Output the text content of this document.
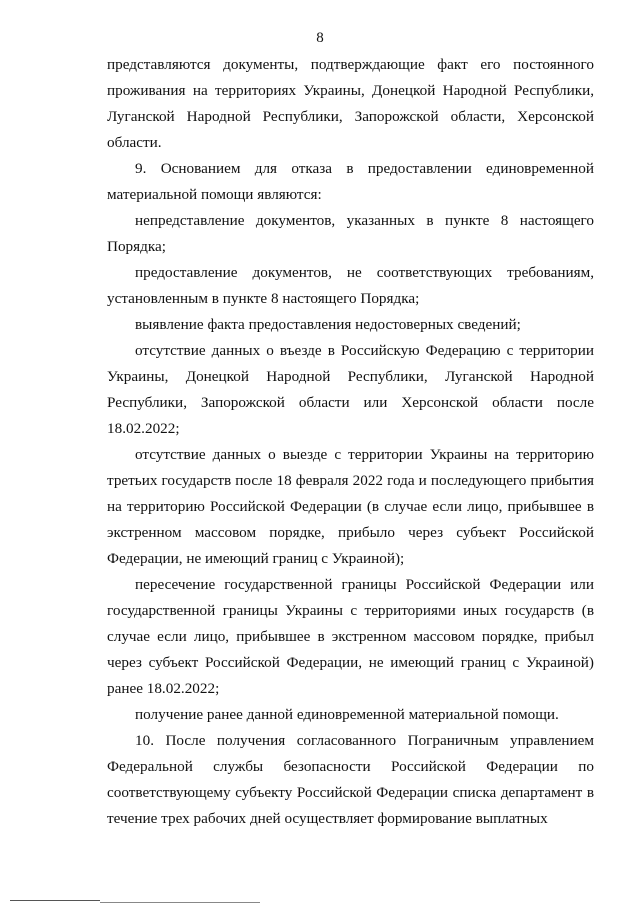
8

представляются документы, подтверждающие факт его постоянного проживания на территориях Украины, Донецкой Народной Республики, Луганской Народной Республики, Запорожской области, Херсонской области.

9. Основанием для отказа в предоставлении единовременной материальной помощи являются:

непредставление документов, указанных в пункте 8 настоящего Порядка;

предоставление документов, не соответствующих требованиям, установленным в пункте 8 настоящего Порядка;

выявление факта предоставления недостоверных сведений;

отсутствие данных о въезде в Российскую Федерацию с территории Украины, Донецкой Народной Республики, Луганской Народной Республики, Запорожской области или Херсонской области после 18.02.2022;

отсутствие данных о выезде с территории Украины на территорию третьих государств после 18 февраля 2022 года и последующего прибытия на территорию Российской Федерации (в случае если лицо, прибывшее в экстренном массовом порядке, прибыло через субъект Российской Федерации, не имеющий границ с Украиной);

пересечение государственной границы Российской Федерации или государственной границы Украины с территориями иных государств (в случае если лицо, прибывшее в экстренном массовом порядке, прибыл через субъект Российской Федерации, не имеющий границ с Украиной) ранее 18.02.2022;

получение ранее данной единовременной материальной помощи.

10. После получения согласованного Пограничным управлением Федеральной службы безопасности Российской Федерации по соответствующему субъекту Российской Федерации списка департамент в течение трех рабочих дней осуществляет формирование выплатных
